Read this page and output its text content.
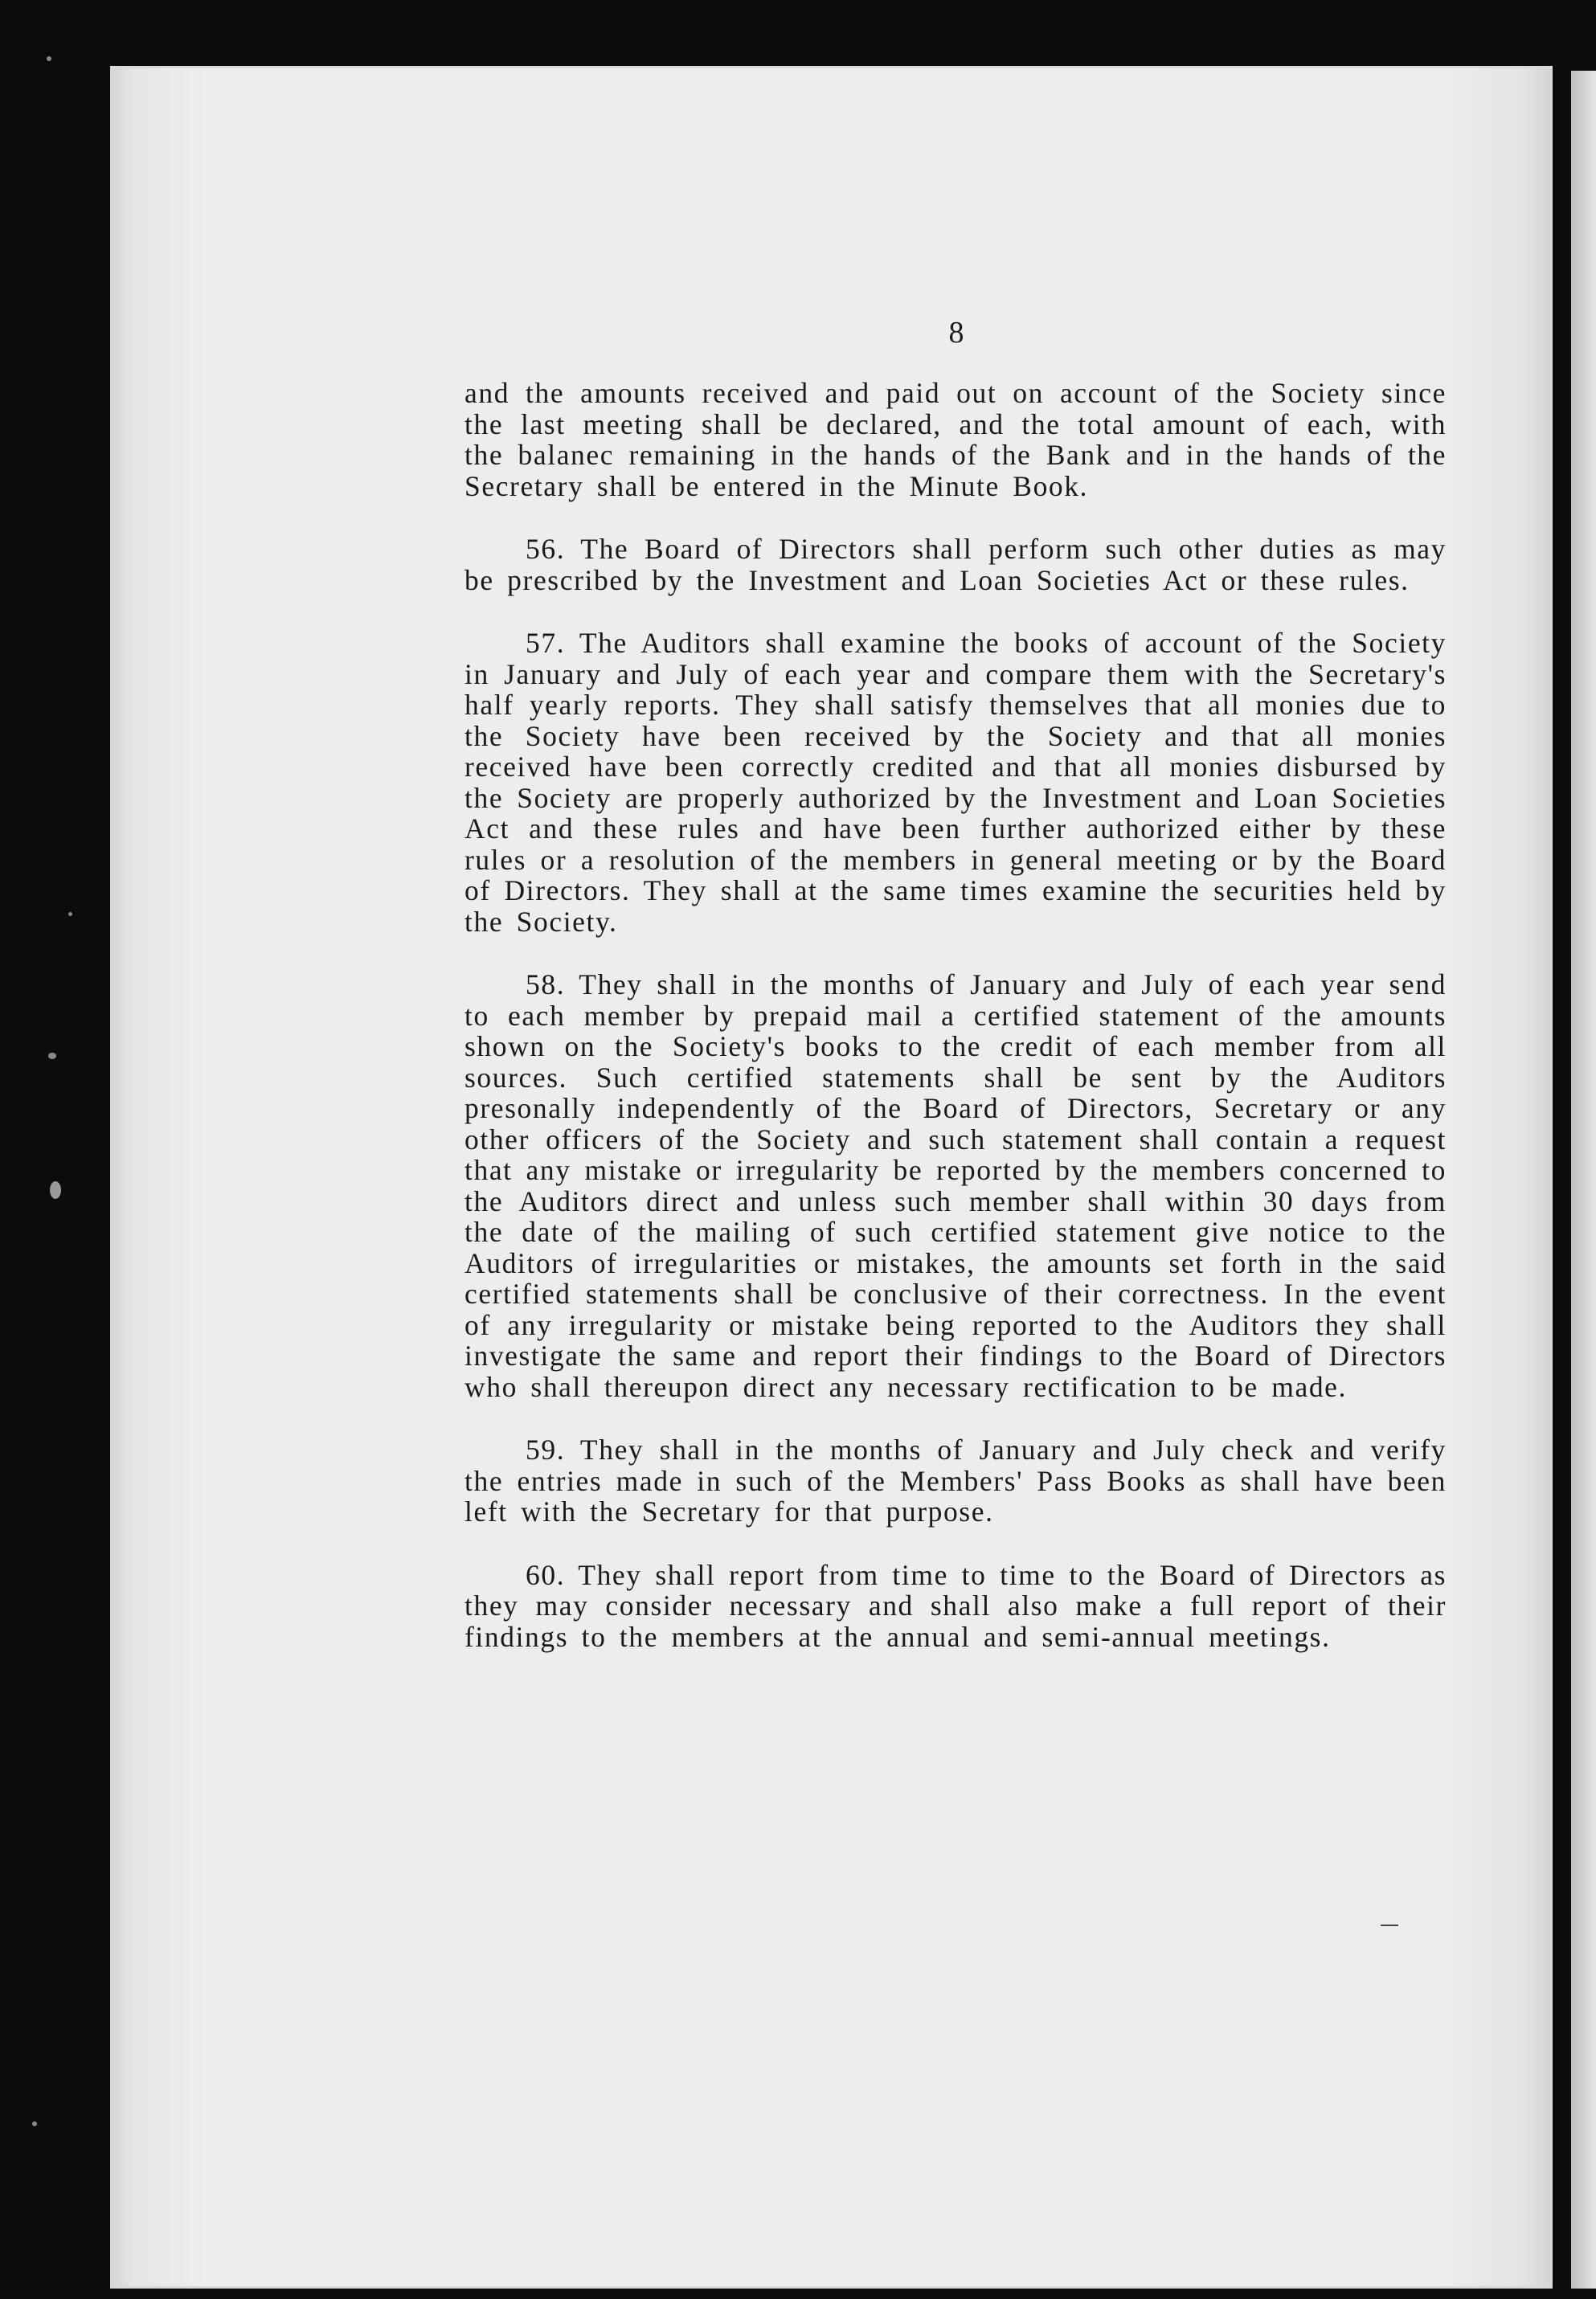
8

and the amounts received and paid out on account of the Society since the last meeting shall be declared, and the total amount of each, with the balanec remaining in the hands of the Bank and in the hands of the Secretary shall be entered in the Minute Book.

56. The Board of Directors shall perform such other duties as may be prescribed by the Investment and Loan Societies Act or these rules.

57. The Auditors shall examine the books of account of the Society in January and July of each year and compare them with the Secretary's half yearly reports. They shall satisfy themselves that all monies due to the Society have been received by the Society and that all monies received have been correctly credited and that all monies disbursed by the Society are properly authorized by the Investment and Loan Societies Act and these rules and have been further authorized either by these rules or a resolution of the members in general meeting or by the Board of Directors. They shall at the same times examine the securities held by the Society.

58. They shall in the months of January and July of each year send to each member by prepaid mail a certified statement of the amounts shown on the Society's books to the credit of each member from all sources. Such certified statements shall be sent by the Auditors presonally independently of the Board of Directors, Secretary or any other officers of the Society and such statement shall contain a request that any mistake or irregularity be reported by the members concerned to the Auditors direct and unless such member shall within 30 days from the date of the mailing of such certified statement give notice to the Auditors of irregularities or mistakes, the amounts set forth in the said certified statements shall be conclusive of their correctness. In the event of any irregularity or mistake being reported to the Auditors they shall investigate the same and report their findings to the Board of Directors who shall thereupon direct any necessary rectification to be made.

59. They shall in the months of January and July check and verify the entries made in such of the Members' Pass Books as shall have been left with the Secretary for that purpose.

60. They shall report from time to time to the Board of Directors as they may consider necessary and shall also make a full report of their findings to the members at the annual and semi-annual meetings.
